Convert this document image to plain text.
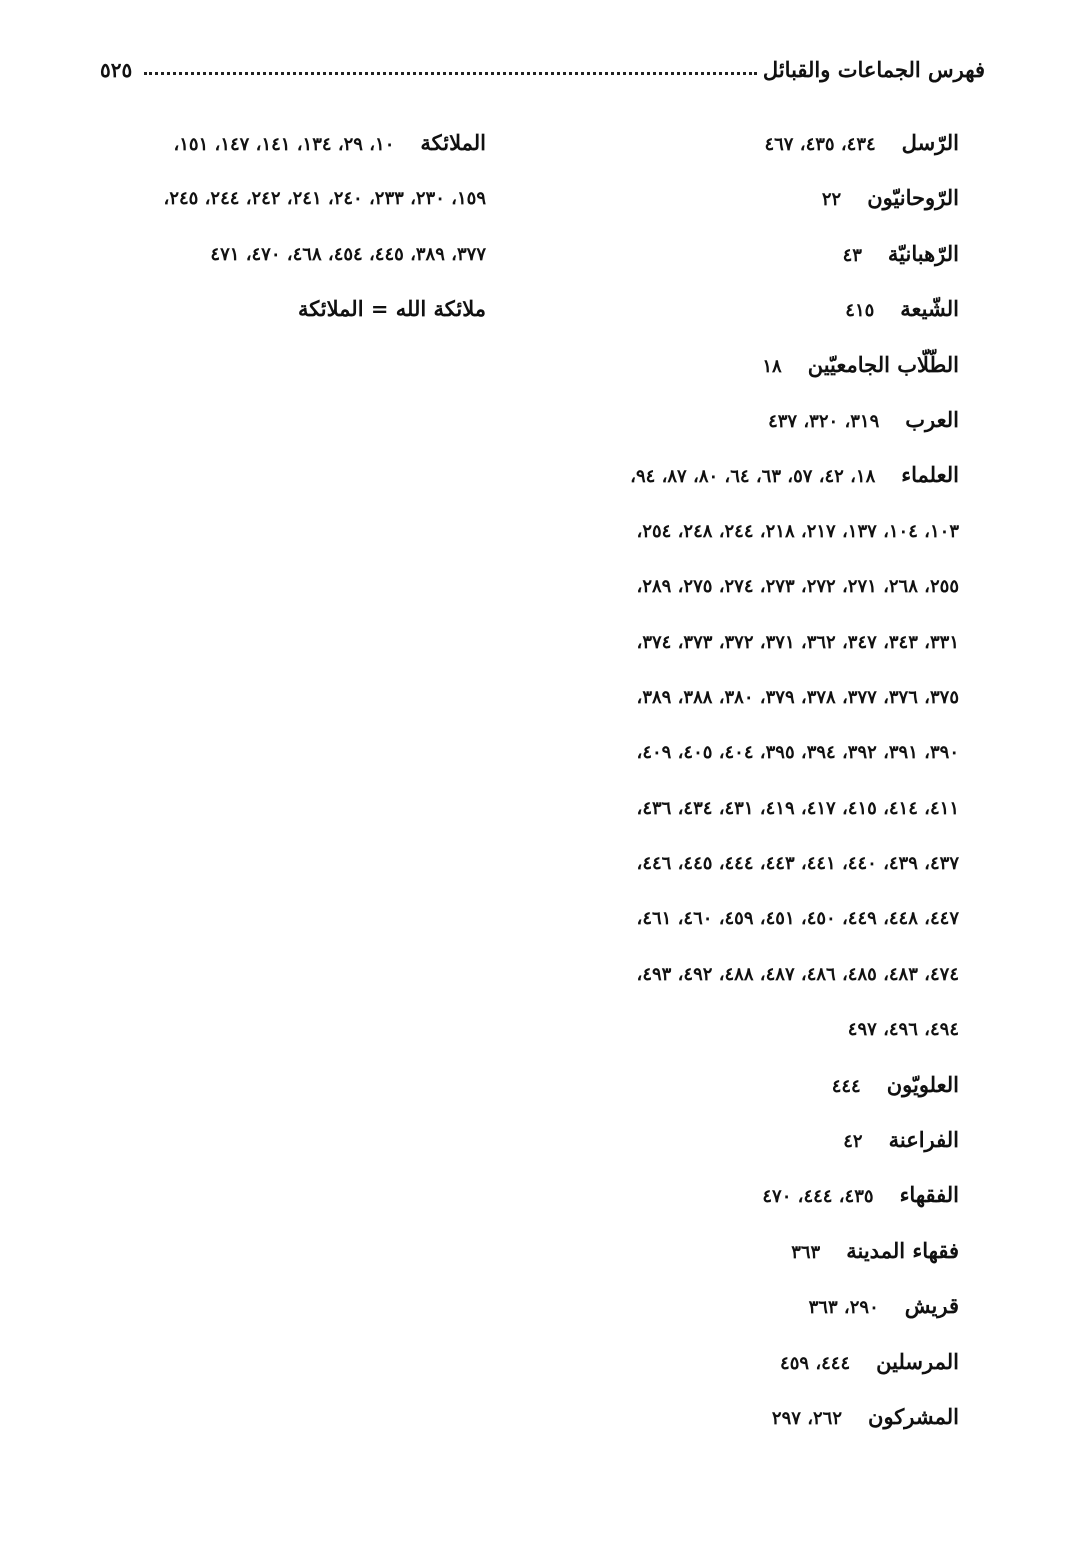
فهرس الجماعات والقبائل
٥٢٥
الرّسل٤٣٤، ٤٣٥، ٤٦٧
الرّوحانيّون٢٢
الرّهبانيّة٤٣
الشّيعة٤١٥
الطّلّاب الجامعيّين١٨
العرب٣١٩، ٣٢٠، ٤٣٧
العلماء١٨، ٤٢، ٥٧، ٦٣، ٦٤، ٨٠، ٨٧، ٩٤،
١٠٣، ١٠٤، ١٣٧، ٢١٧، ٢١٨، ٢٤٤، ٢٤٨، ٢٥٤،
٢٥٥، ٢٦٨، ٢٧١، ٢٧٢، ٢٧٣، ٢٧٤، ٢٧٥، ٢٨٩،
٣٣١، ٣٤٣، ٣٤٧، ٣٦٢، ٣٧١، ٣٧٢، ٣٧٣، ٣٧٤،
٣٧٥، ٣٧٦، ٣٧٧، ٣٧٨، ٣٧٩، ٣٨٠، ٣٨٨، ٣٨٩،
٣٩٠، ٣٩١، ٣٩٢، ٣٩٤، ٣٩٥، ٤٠٤، ٤٠٥، ٤٠٩،
٤١١، ٤١٤، ٤١٥، ٤١٧، ٤١٩، ٤٣١، ٤٣٤، ٤٣٦،
٤٣٧، ٤٣٩، ٤٤٠، ٤٤١، ٤٤٣، ٤٤٤، ٤٤٥، ٤٤٦،
٤٤٧، ٤٤٨، ٤٤٩، ٤٥٠، ٤٥١، ٤٥٩، ٤٦٠، ٤٦١،
٤٧٤، ٤٨٣، ٤٨٥، ٤٨٦، ٤٨٧، ٤٨٨، ٤٩٢، ٤٩٣،
٤٩٤، ٤٩٦، ٤٩٧
العلويّون٤٤٤
الفراعنة٤٢
الفقهاء٤٣٥، ٤٤٤، ٤٧٠
فقهاء المدينة٣٦٣
قريش٢٩٠، ٣٦٣
المرسلين٤٤٤، ٤٥٩
المشركون٢٦٢، ٢٩٧
الملائكة١٠، ٢٩، ١٣٤، ١٤١، ١٤٧، ١٥١،
١٥٩، ٢٣٠، ٢٣٣، ٢٤٠، ٢٤١، ٢٤٢، ٢٤٤، ٢٤٥،
٣٧٧، ٣٨٩، ٤٤٥، ٤٥٤، ٤٦٨، ٤٧٠، ٤٧١
ملائكة الله = الملائكة
